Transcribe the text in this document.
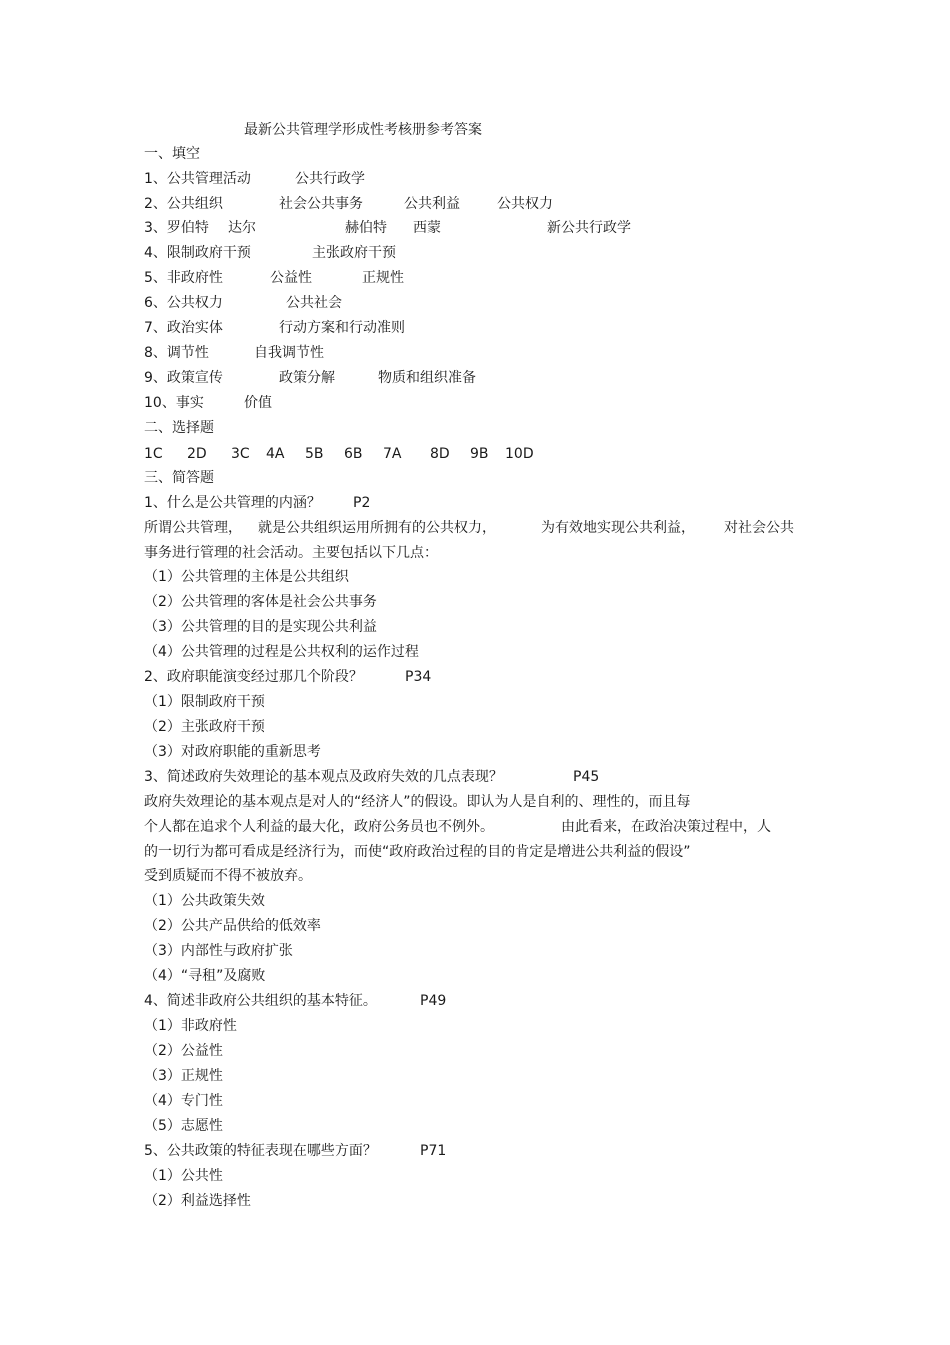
最新公共管理学形成性考核册参考答案
一、填空
1、公共管理活动	公共行政学
2、公共组织	社会公共事务	公共利益	公共权力
3、罗伯特 达尔	赫伯特 西蒙	新公共行政学
4、限制政府干预	主张政府干预
5、非政府性	公益性	正规性
6、公共权力	公共社会
7、政治实体	行动方案和行动准则
8、调节性	自我调节性
9、政策宣传	政策分解	物质和组织准备
10、事实	价值
二、选择题
1C 2D 3C 4A 5B 6B 7A 8D 9B 10D
三、简答题
1、什么是公共管理的内涵？ P2
所谓公共管理， 就是公共组织运用所拥有的公共权力，	为有效地实现公共利益， 对社会公共
事务进行管理的社会活动。主要包括以下几点：
（1）公共管理的主体是公共组织
（2）公共管理的客体是社会公共事务
（3）公共管理的目的是实现公共利益
（4）公共管理的过程是公共权利的运作过程
2、政府职能演变经过那几个阶段？	P34
（1）限制政府干预
（2）主张政府干预
（3）对政府职能的重新思考
3、简述政府失效理论的基本观点及政府失效的几点表现？	P45
政府失效理论的基本观点是对人的“经济人”的假设。即认为人是自利的、理性的，而且每
个人都在追求个人利益的最大化，政府公务员也不例外。	由此看来，在政治决策过程中，人
的一切行为都可看成是经济行为，而使“政府政治过程的目的肯定是增进公共利益的假设”
受到质疑而不得不被放弃。
（1）公共政策失效
（2）公共产品供给的低效率
（3）内部性与政府扩张
（4）“寻租”及腐败
4、简述非政府公共组织的基本特征。	P49
（1）非政府性
（2）公益性
（3）正规性
（4）专门性
（5）志愿性
5、公共政策的特征表现在哪些方面？	P71
（1）公共性
（2）利益选择性
